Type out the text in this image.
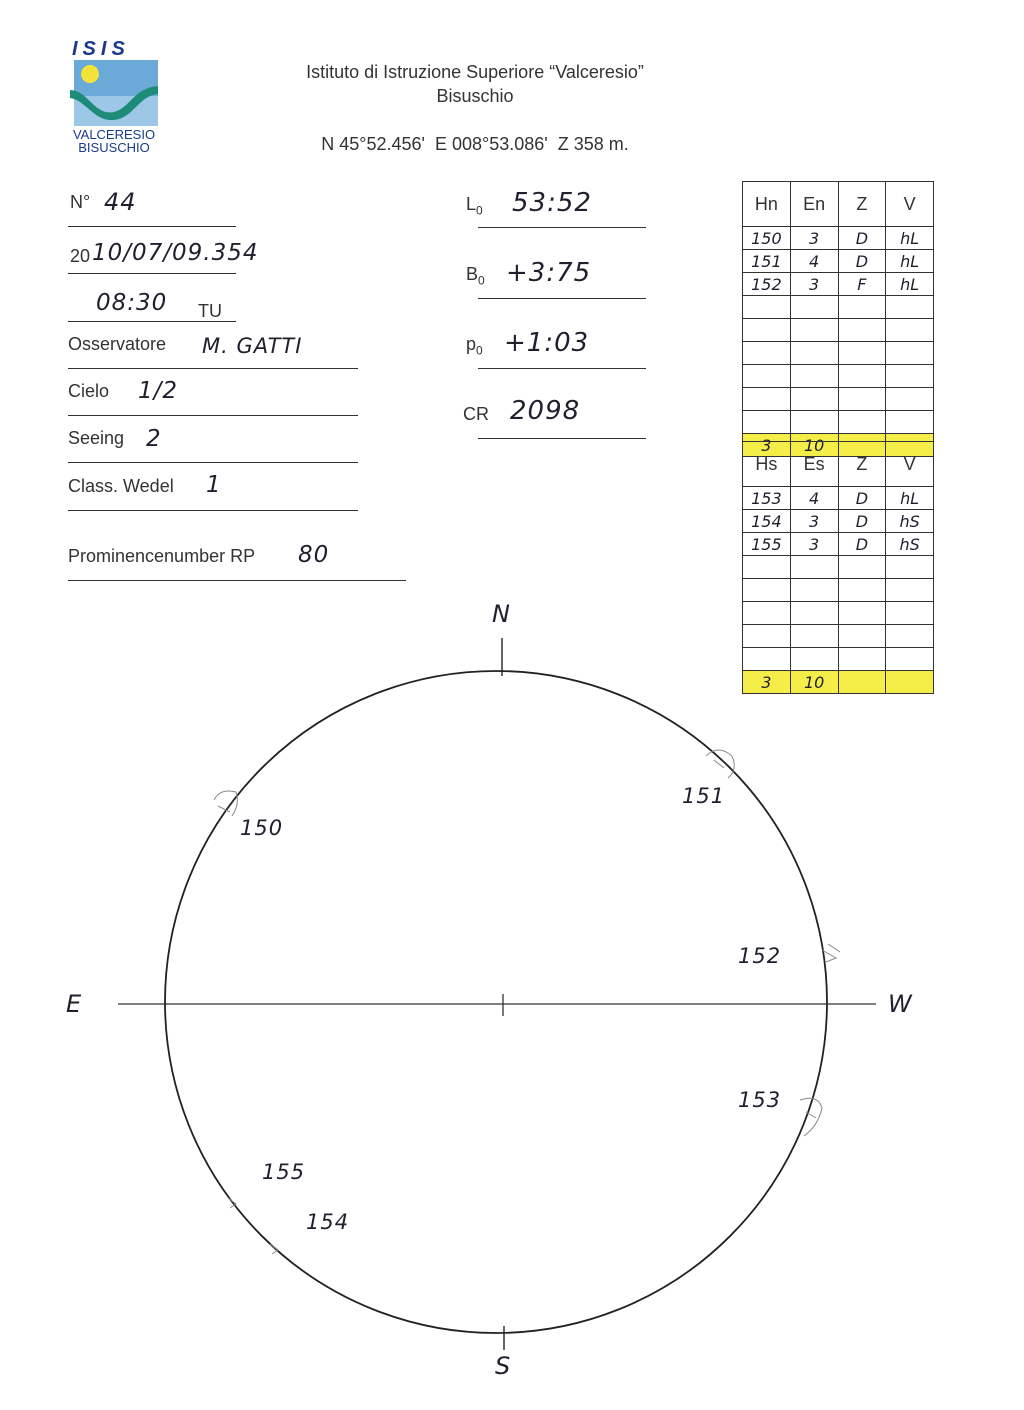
ISIS
VALCERESIO
BISUSCHIO
Istituto di Istruzione Superiore “Valceresio”
Bisuschio
N 45°52.456'  E 008°53.086'  Z 358 m.
N° 44
20 10/07/09.354
08:30 TU
Osservatore M. GATTI
Cielo 1/2
Seeing 2
Class. Wedel 1
Prominencenumber RP 80
$L_0$ 53:52
$B_0$ +3:75
$p_0$ +1:03
CR 2098
Hn	En	Z	V
150	3	D	hL
151	4	D	hL
152	3	F	hL

3	10		
Hs	Es	Z	V
153	4	D	hL
154	3	D	hS
155	3	D	hS

3	10		
N
S
E	W
150
151
152
153
154
155
